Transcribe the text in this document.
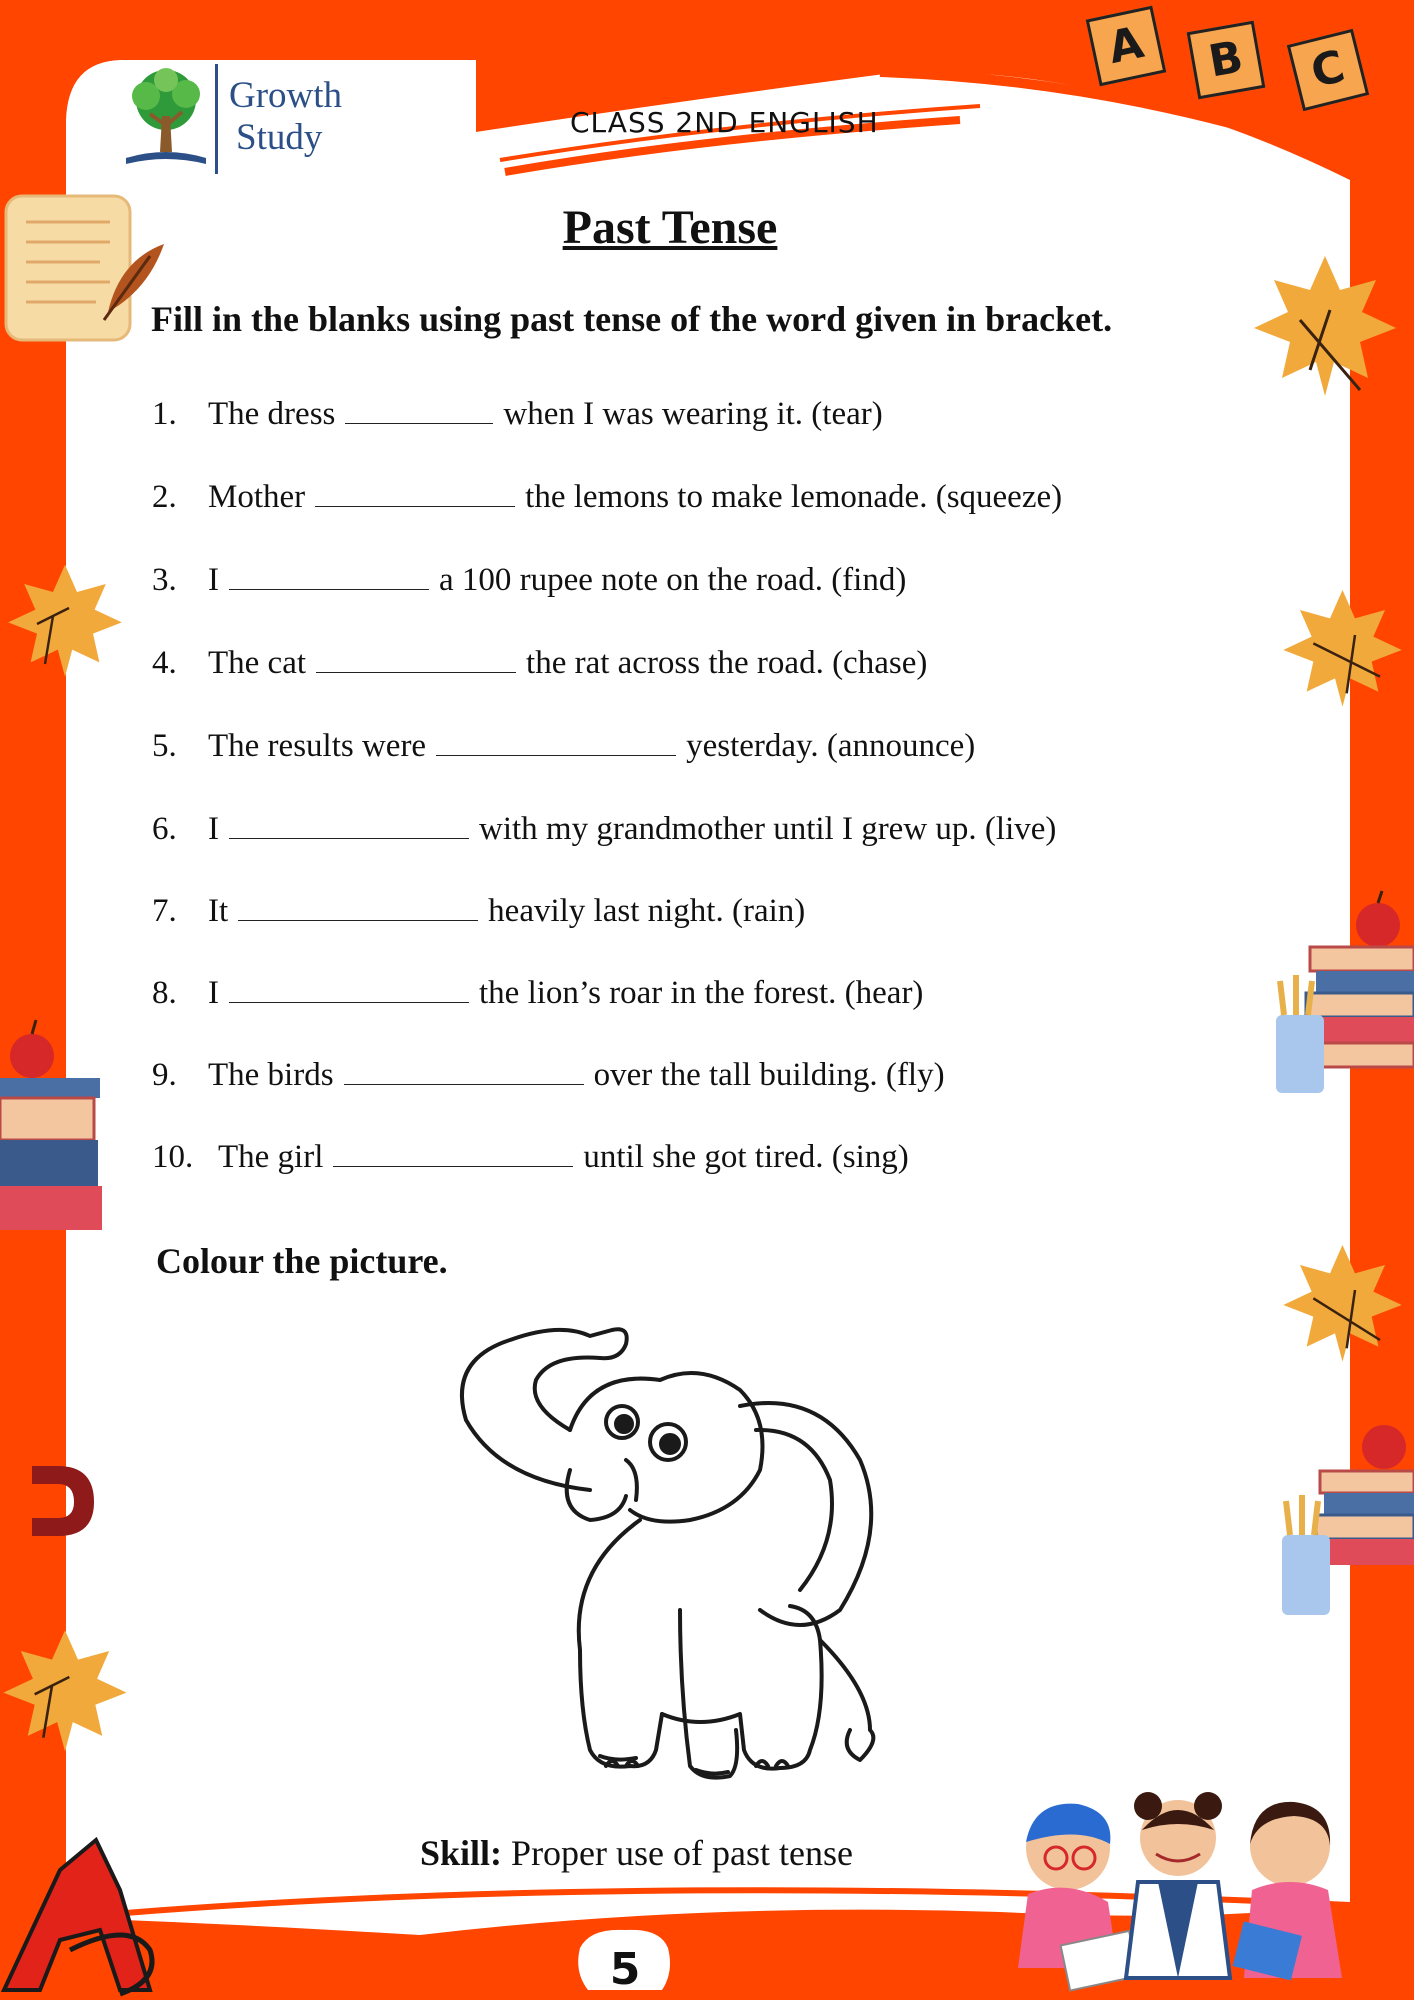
Growth
Study	CLASS 2ND ENGLISH
A	B	C
Past Tense
Fill in the blanks using past tense of the word given in bracket.
1. The dress	when I was wearing it. (tear)
2. Mother	the lemons to make lemonade. (squeeze)
3. I	a 100 rupee note on the road. (find)
4. The cat	the rat across the road. (chase)
5. The results were	yesterday. (announce)
6. I	with my grandmother until I grew up. (live)
7. It	heavily last night. (rain)
8. I	the lion’s roar in the forest. (hear)
9. The birds	over the tall building. (fly)
10. The girl	until she got tired. (sing)
Colour the picture.
Skill: Proper use of past tense
5
